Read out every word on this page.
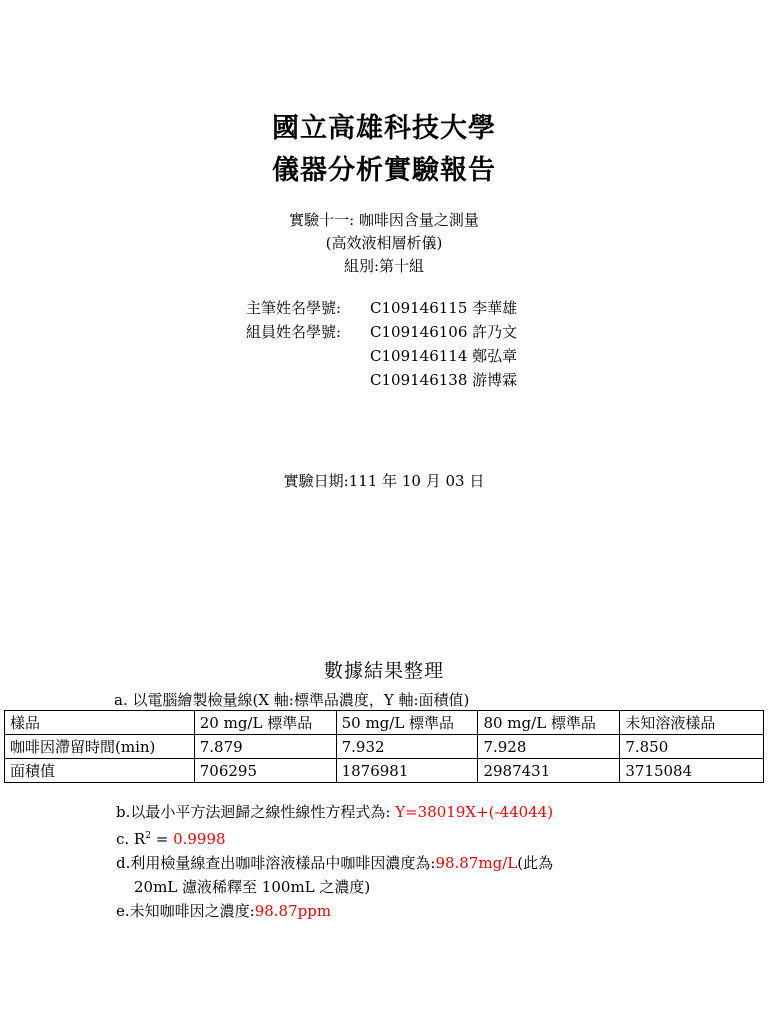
國立高雄科技大學
儀器分析實驗報告
實驗十一: 咖啡因含量之測量
(高效液相層析儀)
組別:第十組
主筆姓名學號: C109146115 李華雄
組員姓名學號: C109146106 許乃文
C109146114 鄭弘章
C109146138 游博霖
實驗日期:111 年 10 月 03 日
數據結果整理
a. 以電腦繪製檢量線(X 軸:標準品濃度，Y 軸:面積值)
樣品	20 mg/L 標準品	50 mg/L 標準品	80 mg/L 標準品	未知溶液樣品
咖啡因滯留時間(min)	7.879	7.932	7.928	7.850
面積值	706295	1876981	2987431	3715084
b.以最小平方法迴歸之線性線性方程式為: Y=38019X+(-44044)
c. $R^2 = 0.9998$
d.利用檢量線查出咖啡溶液樣品中咖啡因濃度為:98.87mg/L(此為
20mL 濾液稀釋至 100mL 之濃度)
e.未知咖啡因之濃度:98.87ppm
